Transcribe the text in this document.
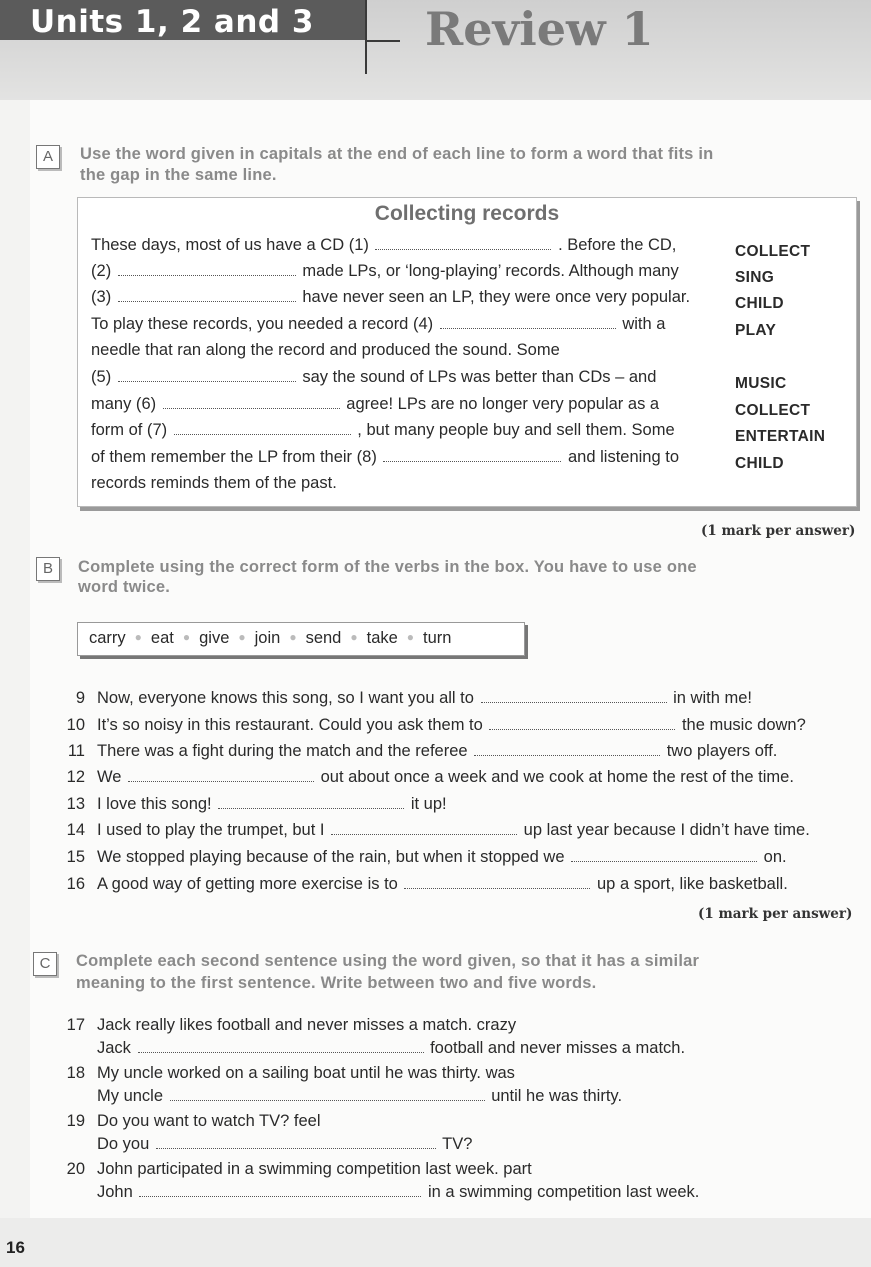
Units 1, 2 and 3 Review 1
A	Use the word given in capitals at the end of each line to form a word that fits in
the gap in the same line.
Collecting records
These days, most of us have a CD (1)	. Before the CD,
(2)	made LPs, or ‘long-playing’ records. Although many
(3)	have never seen an LP, they were once very popular.
To play these records, you needed a record (4)	with a
needle that ran along the record and produced the sound. Some
(5)	say the sound of LPs was better than CDs – and
many (6)	agree! LPs are no longer very popular as a
form of (7)	, but many people buy and sell them. Some
of them remember the LP from their (8)	and listening to
records reminds them of the past.
COLLECT
SING
CHILD
PLAY
MUSIC
COLLECT
ENTERTAIN
CHILD
(1 mark per answer)
B	Complete using the correct form of the verbs in the box. You have to use one
word twice.
carry ● eat ● give ● join ● send ● take ● turn
9 Now, everyone knows this song, so I want you all to	in with me!
10 It’s so noisy in this restaurant. Could you ask them to	the music down?
11 There was a fight during the match and the referee	two players off.
12 We	out about once a week and we cook at home the rest of the time.
13 I love this song!	it up!
14 I used to play the trumpet, but I	up last year because I didn’t have time.
15 We stopped playing because of the rain, but when it stopped we	on.
16 A good way of getting more exercise is to	up a sport, like basketball.
(1 mark per answer)
C	Complete each second sentence using the word given, so that it has a similar
meaning to the first sentence. Write between two and five words.
17 Jack really likes football and never misses a match. crazy
Jack	football and never misses a match.
18 My uncle worked on a sailing boat until he was thirty. was
My uncle	until he was thirty.
19 Do you want to watch TV? feel
Do you	TV?
20 John participated in a swimming competition last week. part
John	in a swimming competition last week.
16
